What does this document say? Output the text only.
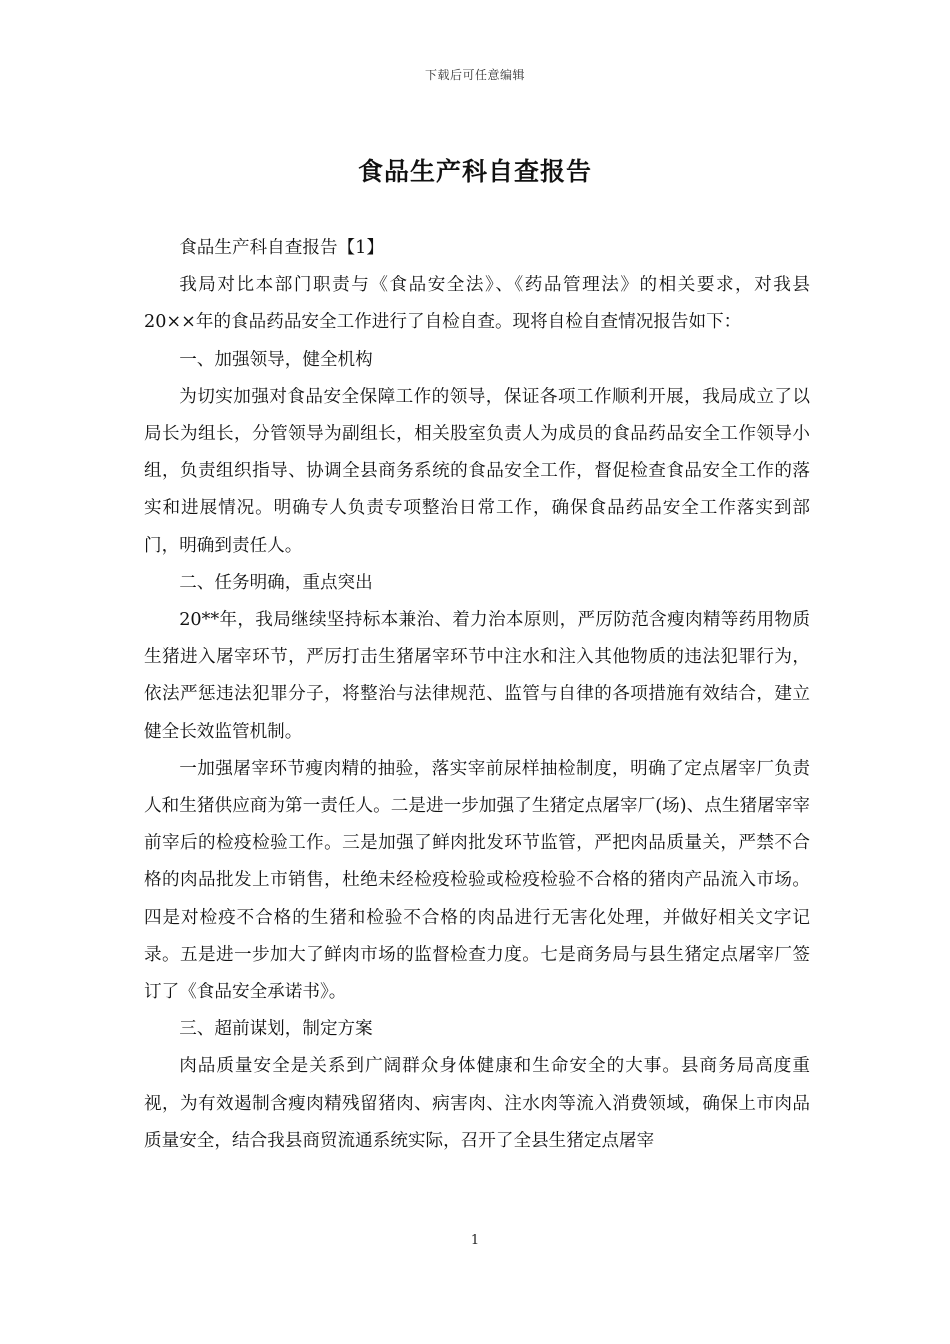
下载后可任意编辑
食品生产科自查报告

食品生产科自查报告【1】

我局对比本部门职责与《食品安全法》、《药品管理法》的相关要求，对我县20××年的食品药品安全工作进行了自检自查。现将自检自查情况报告如下：

一、加强领导，健全机构

为切实加强对食品安全保障工作的领导，保证各项工作顺利开展，我局成立了以局长为组长，分管领导为副组长，相关股室负责人为成员的食品药品安全工作领导小组，负责组织指导、协调全县商务系统的食品安全工作，督促检查食品安全工作的落实和进展情况。明确专人负责专项整治日常工作，确保食品药品安全工作落实到部门，明确到责任人。

二、任务明确，重点突出

20**年，我局继续坚持标本兼治、着力治本原则，严厉防范含瘦肉精等药用物质生猪进入屠宰环节，严厉打击生猪屠宰环节中注水和注入其他物质的违法犯罪行为，依法严惩违法犯罪分子，将整治与法律规范、监管与自律的各项措施有效结合，建立健全长效监管机制。

一加强屠宰环节瘦肉精的抽验，落实宰前尿样抽检制度，明确了定点屠宰厂负责人和生猪供应商为第一责任人。二是进一步加强了生猪定点屠宰厂(场)、点生猪屠宰宰前宰后的检疫检验工作。三是加强了鲜肉批发环节监管，严把肉品质量关，严禁不合格的肉品批发上市销售，杜绝未经检疫检验或检疫检验不合格的猪肉产品流入市场。四是对检疫不合格的生猪和检验不合格的肉品进行无害化处理，并做好相关文字记录。五是进一步加大了鲜肉市场的监督检查力度。七是商务局与县生猪定点屠宰厂签订了《食品安全承诺书》。

三、超前谋划，制定方案

肉品质量安全是关系到广阔群众身体健康和生命安全的大事。县商务局高度重视，为有效遏制含瘦肉精残留猪肉、病害肉、注水肉等流入消费领域，确保上市肉品质量安全，结合我县商贸流通系统实际，召开了全县生猪定点屠宰

1
